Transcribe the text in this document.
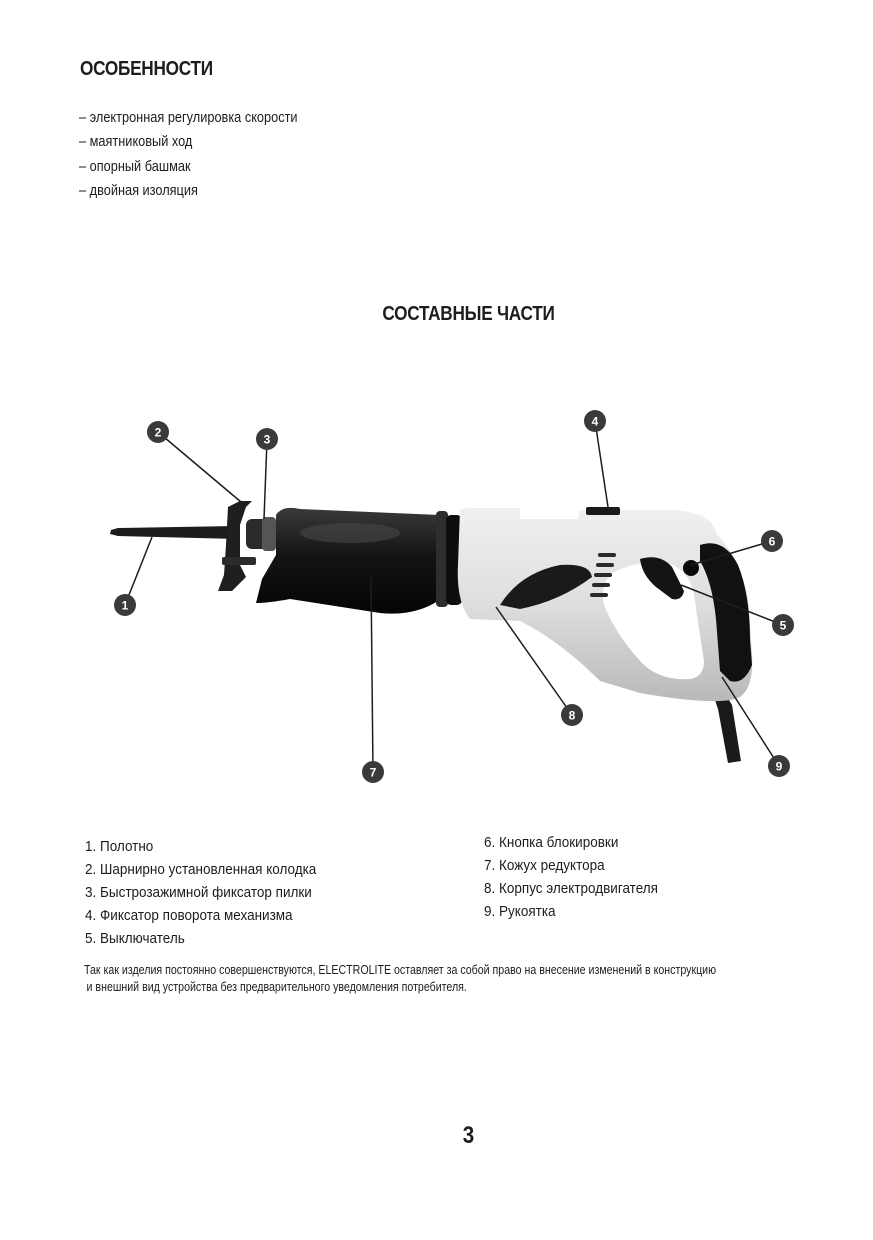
ОСОБЕННОСТИ
– электронная регулировка скорости
– маятниковый ход
– опорный башмак
– двойная изоляция
СОСТАВНЫЕ ЧАСТИ
1
2	3
4
5
6
7
8
9
1. Полотно
2. Шарнирно установленная колодка
3. Быстрозажимной фиксатор пилки
4. Фиксатор поворота механизма
5. Выключатель
6. Кнопка блокировки
7. Кожух редуктора
8. Корпус электродвигателя
9. Рукоятка

Так как изделия постоянно совершенствуются, ELECTROLITE оставляет за собой право на внесение изменений в конструкцию
и внешний вид устройства без предварительного уведомления потребителя.

3
